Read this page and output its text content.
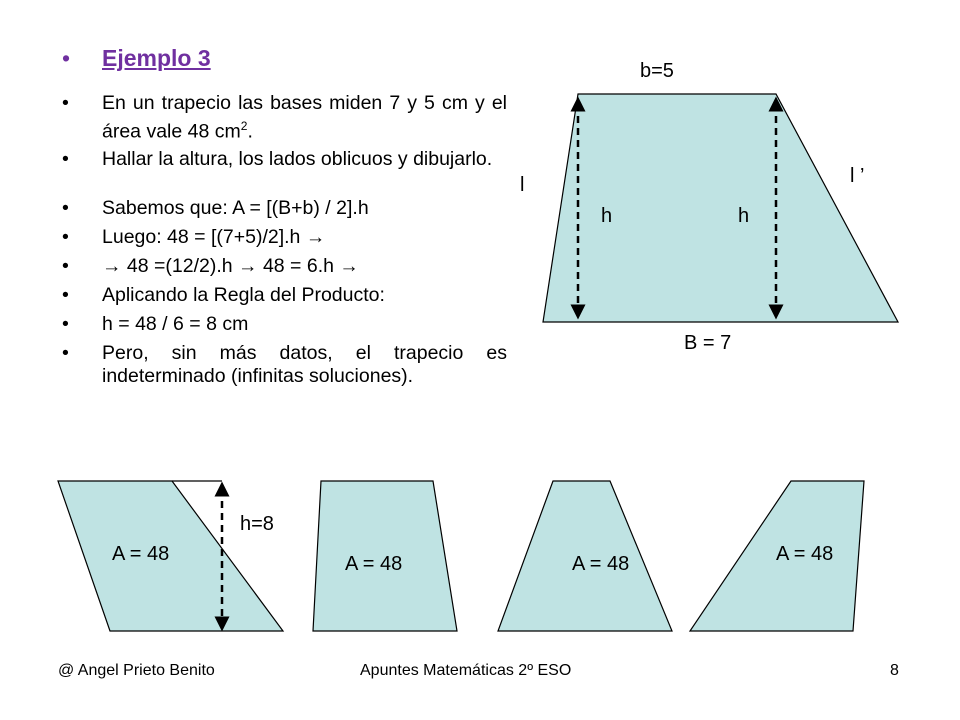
• Ejemplo 3
• En un trapecio las bases miden 7 y 5 cm y el área vale 48 $cm^2$.
• Hallar la altura, los lados oblicuos y dibujarlo.
• Sabemos que: A = [(B+b) / 2].h
• Luego: 48 = [(7+5)/2].h →
• → 48 =(12/2).h → 48 = 6.h →
• Aplicando la Regla del Producto:
• h = 48 / 6 = 8 cm
• Pero, sin más datos, el trapecio es indeterminado (infinitas soluciones).
b=5
B = 7
l	l ’
h	h
h=8
A = 48	A = 48	A = 48	A = 48
@ Angel Prieto Benito	Apuntes Matemáticas 2º ESO	8
